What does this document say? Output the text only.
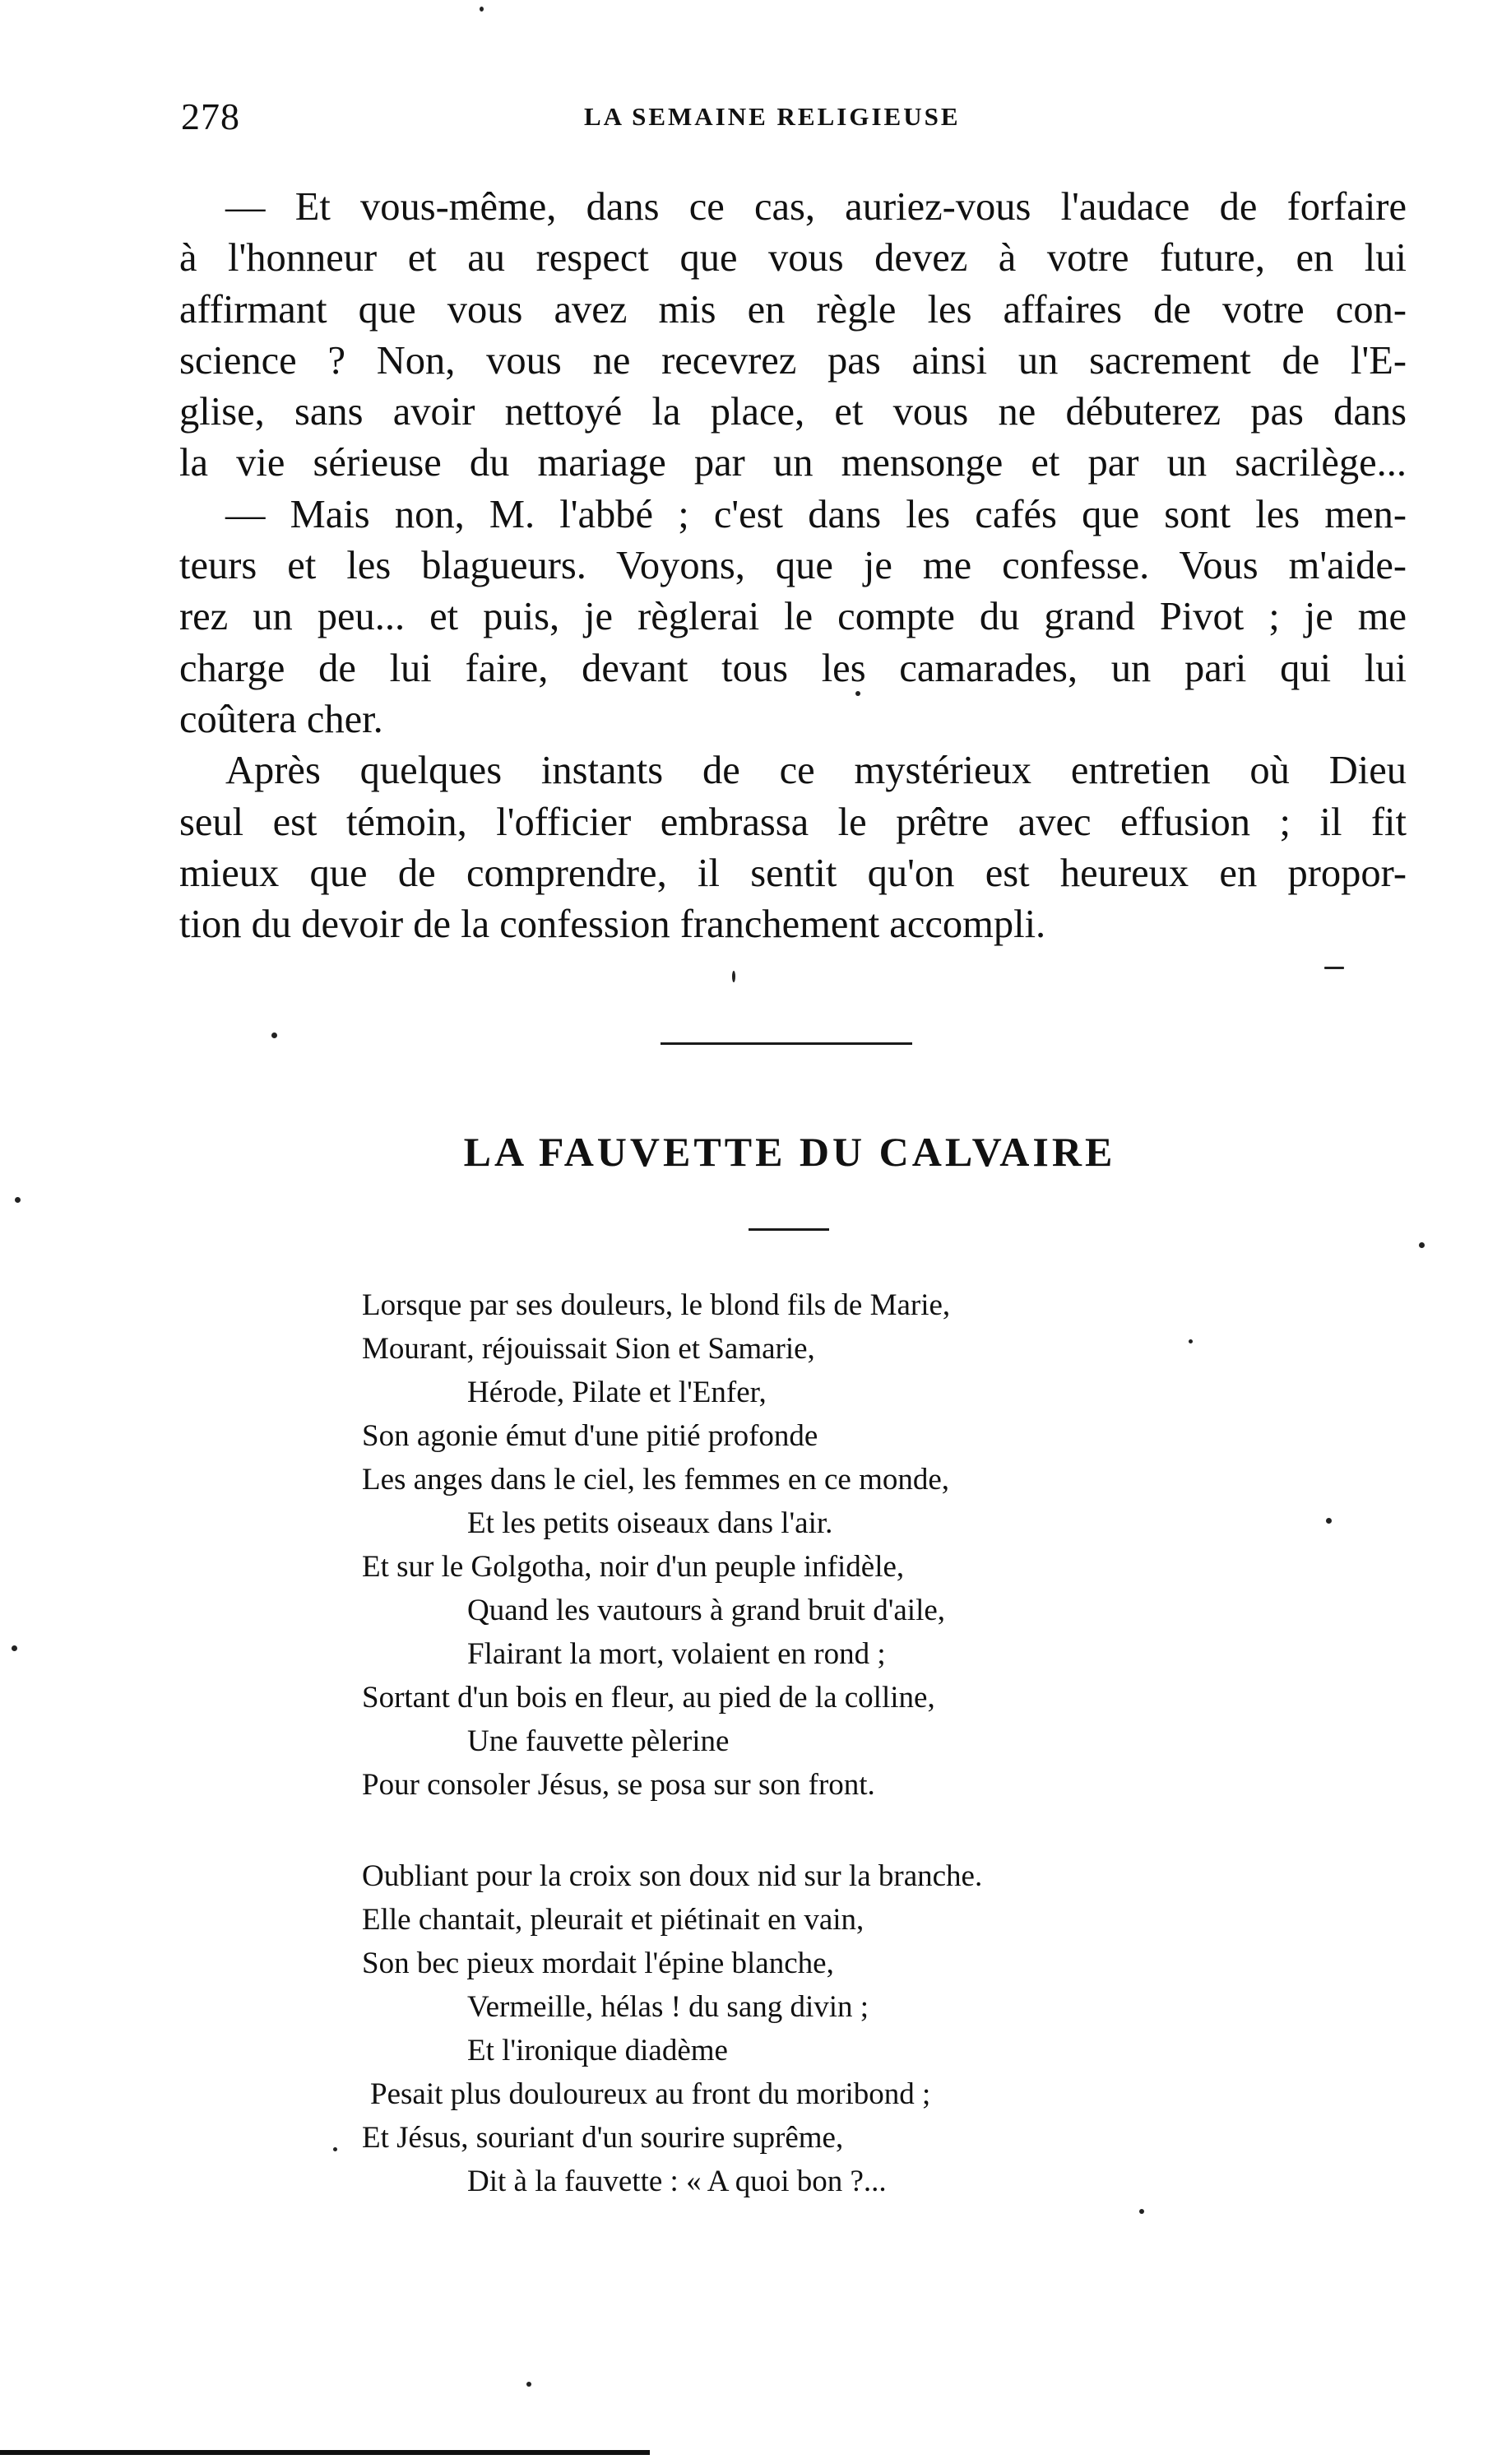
278	LA SEMAINE RELIGIEUSE
— Et vous-même, dans ce cas, auriez-vous l'audace de forfaire
à l'honneur et au respect que vous devez à votre future, en lui
affirmant que vous avez mis en règle les affaires de votre con-
science ? Non, vous ne recevrez pas ainsi un sacrement de l'E-
glise, sans avoir nettoyé la place, et vous ne débuterez pas dans
la vie sérieuse du mariage par un mensonge et par un sacrilège...
— Mais non, M. l'abbé ; c'est dans les cafés que sont les men-
teurs et les blagueurs. Voyons, que je me confesse. Vous m'aide-
rez un peu... et puis, je règlerai le compte du grand Pivot ; je me
charge de lui faire, devant tous les camarades, un pari qui lui
coûtera cher.
Après quelques instants de ce mystérieux entretien où Dieu
seul est témoin, l'officier embrassa le prêtre avec effusion ; il fit
mieux que de comprendre, il sentit qu'on est heureux en propor-
tion du devoir de la confession franchement accompli.
LA FAUVETTE DU CALVAIRE
Lorsque par ses douleurs, le blond fils de Marie,
Mourant, réjouissait Sion et Samarie,
Hérode, Pilate et l'Enfer,
Son agonie émut d'une pitié profonde
Les anges dans le ciel, les femmes en ce monde,
Et les petits oiseaux dans l'air.
Et sur le Golgotha, noir d'un peuple infidèle,
Quand les vautours à grand bruit d'aile,
Flairant la mort, volaient en rond ;
Sortant d'un bois en fleur, au pied de la colline,
Une fauvette pèlerine
Pour consoler Jésus, se posa sur son front.
Oubliant pour la croix son doux nid sur la branche.
Elle chantait, pleurait et piétinait en vain,
Son bec pieux mordait l'épine blanche,
Vermeille, hélas ! du sang divin ;
Et l'ironique diadème
Pesait plus douloureux au front du moribond ;
Et Jésus, souriant d'un sourire suprême,
Dit à la fauvette : « A quoi bon ?...
